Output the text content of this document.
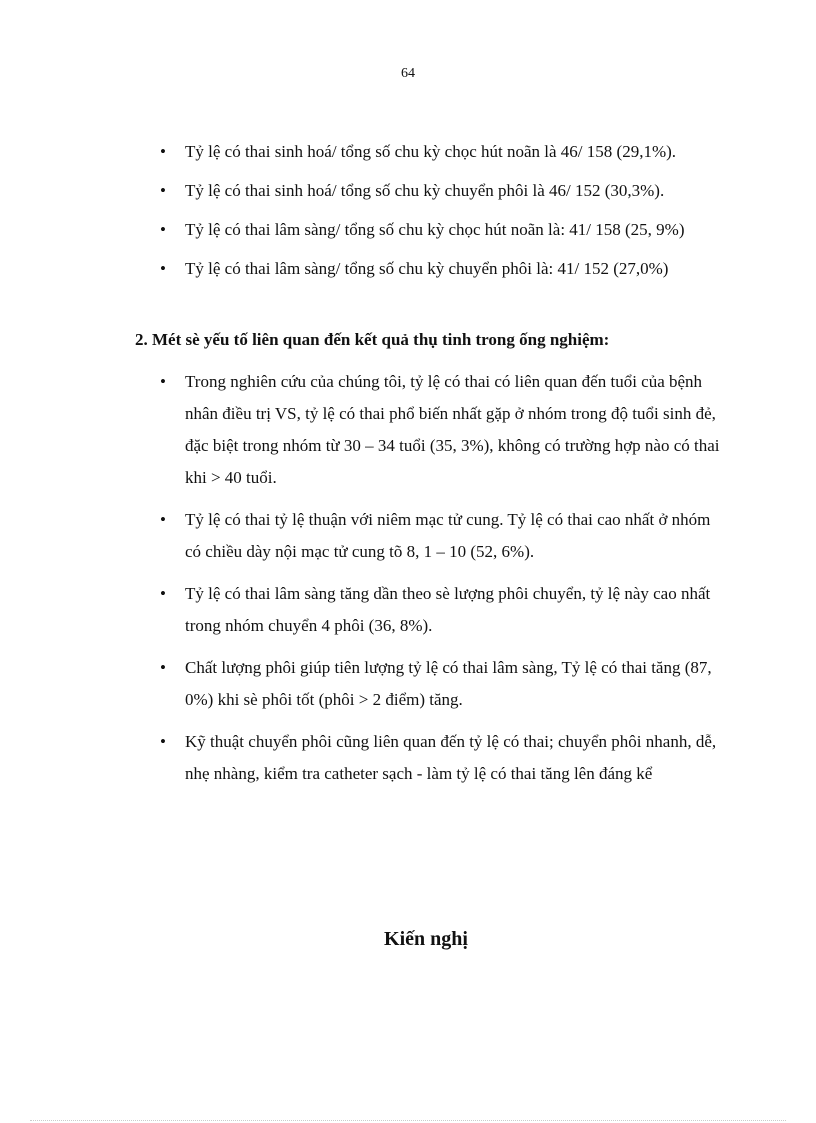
64
• Tỷ lệ có thai sinh hoá/ tổng số chu kỳ chọc hút noãn là 46/ 158 (29,1%).
• Tỷ lệ có thai sinh hoá/ tổng số chu kỳ chuyển phôi là 46/ 152 (30,3%).
• Tỷ lệ có thai lâm sàng/ tổng số chu kỳ chọc hút noãn là: 41/ 158 (25, 9%)
• Tỷ lệ có thai lâm sàng/ tổng số chu kỳ chuyển phôi là: 41/ 152 (27,0%)

2. Mét sè yếu tố liên quan đến kết quả thụ tinh trong ống nghiệm:

• Trong nghiên cứu của chúng tôi, tỷ lệ có thai có liên quan đến tuổi của bệnh nhân điều trị VS, tỷ lệ có thai phổ biến nhất gặp ở nhóm trong độ tuổi sinh đẻ, đặc biệt trong nhóm từ 30 – 34 tuổi (35, 3%), không có trường hợp nào có thai khi > 40 tuổi.
• Tỷ lệ có thai tỷ lệ thuận với niêm mạc tử cung. Tỷ lệ có thai cao nhất ở nhóm có chiều dày nội mạc tử cung tõ 8, 1 – 10 (52, 6%).
• Tỷ lệ có thai lâm sàng tăng dần theo sè lượng phôi chuyển, tỷ lệ này cao nhất trong nhóm chuyển 4 phôi (36, 8%).
• Chất lượng phôi giúp tiên lượng tỷ lệ có thai lâm sàng, Tỷ lệ có thai tăng (87, 0%) khi sè phôi tốt (phôi > 2 điểm) tăng.
• Kỹ thuật chuyển phôi cũng liên quan đến tỷ lệ có thai; chuyển phôi nhanh, dễ, nhẹ nhàng, kiểm tra catheter sạch - làm tỷ lệ có thai tăng lên đáng kể
Kiến nghị
